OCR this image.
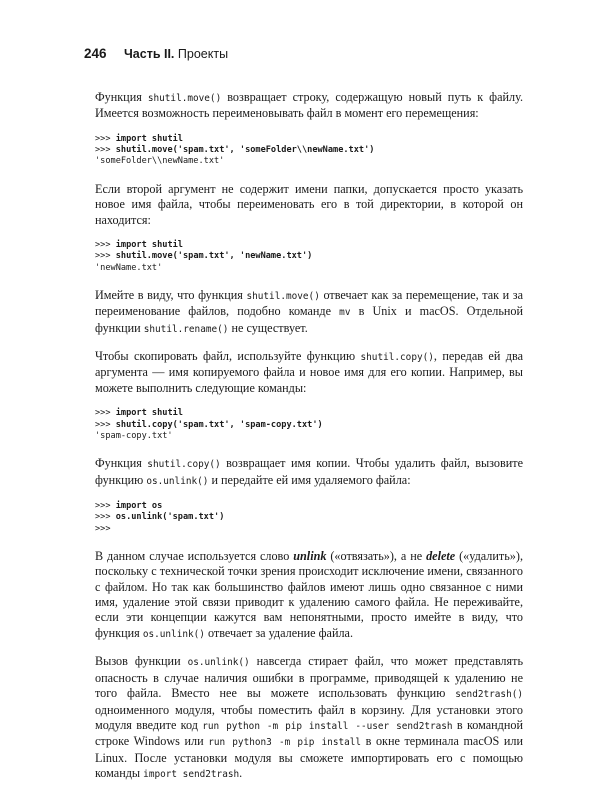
246 Часть II. Проекты

Функция shutil.move() возвращает строку, содержащую новый путь к файлу. Имеется возможность переименовывать файл в момент его перемещения:

>>> import shutil
>>> shutil.move('spam.txt', 'someFolder\\newName.txt')
'someFolder\\newName.txt'

Если второй аргумент не содержит имени папки, допускается просто указать новое имя файла, чтобы переименовать его в той директории, в которой он находится:

>>> import shutil
>>> shutil.move('spam.txt', 'newName.txt')
'newName.txt'

Имейте в виду, что функция shutil.move() отвечает как за перемещение, так и за переименование файлов, подобно команде mv в Unix и macOS. Отдельной функции shutil.rename() не существует.

Чтобы скопировать файл, используйте функцию shutil.copy(), передав ей два аргумента — имя копируемого файла и новое имя для его копии. Например, вы можете выполнить следующие команды:

>>> import shutil
>>> shutil.copy('spam.txt', 'spam-copy.txt')
'spam-copy.txt'

Функция shutil.copy() возвращает имя копии. Чтобы удалить файл, вызовите функцию os.unlink() и передайте ей имя удаляемого файла:

>>> import os
>>> os.unlink('spam.txt')
>>>

В данном случае используется слово unlink («отвязать»), а не delete («удалить»), поскольку с технической точки зрения происходит исключение имени, связанного с файлом. Но так как большинство файлов имеют лишь одно связанное с ними имя, удаление этой связи приводит к удалению самого файла. Не переживайте, если эти концепции кажутся вам непонятными, просто имейте в виду, что функция os.unlink() отвечает за удаление файла.

Вызов функции os.unlink() навсегда стирает файл, что может представлять опасность в случае наличия ошибки в программе, приводящей к удалению не того файла. Вместо нее вы можете использовать функцию send2trash() одноименного модуля, чтобы поместить файл в корзину. Для установки этого модуля введите код run python -m pip install --user send2trash в командной строке Windows или run python3 -m pip install в окне терминала macOS или Linux. После установки модуля вы сможете импортировать его с помощью команды import send2trash.
